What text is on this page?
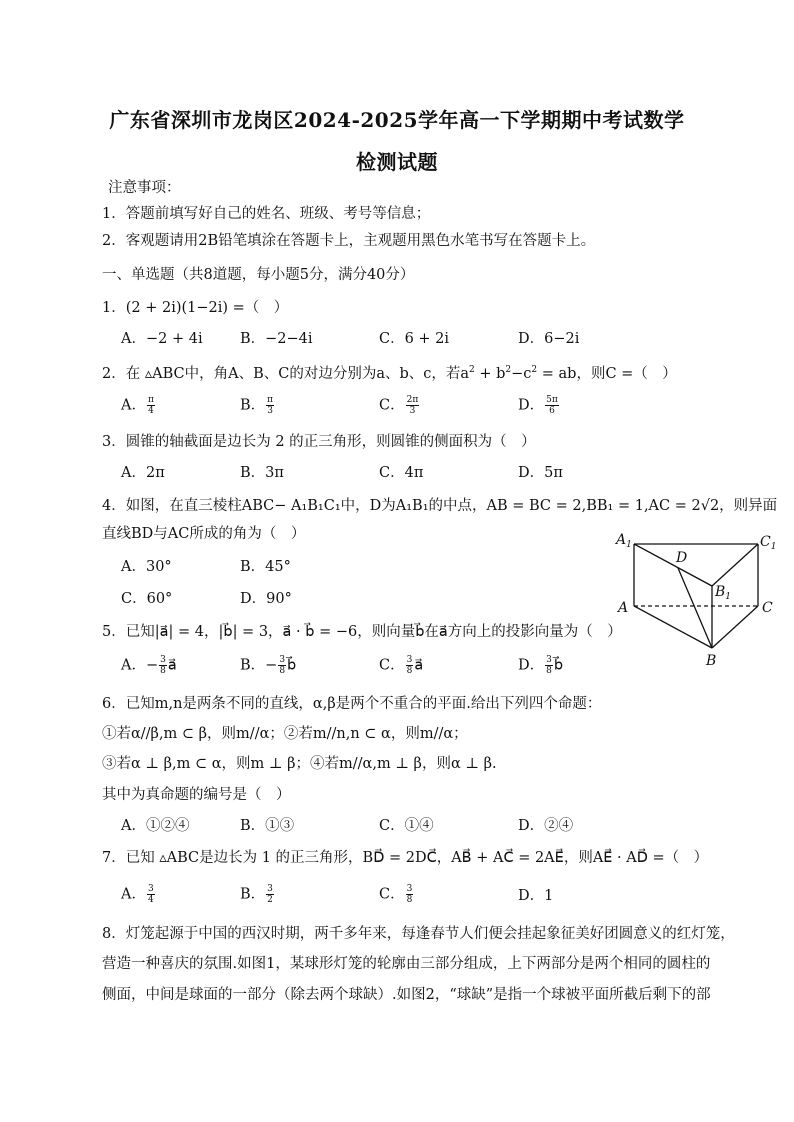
广东省深圳市龙岗区2024-2025学年高一下学期期中考试数学
检测试题
注意事项：
1．答题前填写好自己的姓名、班级、考号等信息；
2．客观题请用2B铅笔填涂在答题卡上，主观题用黑色水笔书写在答题卡上。
一、单选题（共8道题，每小题5分，满分40分）
1．(2 + 2i)(1−2i) =（　）
A．−2 + 4i	B．−2−4i	C．6 + 2i	D．6−2i
2．在 ▵ABC中，角A、B、C的对边分别为a、b、c，若$a^2 + b^2-c^2$ = ab，则C =（　）
A． $\frac{\pi}{4}$	B． $\frac{\pi}{3}$	C． $\frac{2\pi}{3}$	D． $\frac{5\pi}{6}$
3．圆锥的轴截面是边长为 2 的正三角形，则圆锥的侧面积为（　）
A．2π	B．3π	C．4π	D．5π
4．如图，在直三棱柱ABC− A₁B₁C₁中，D为A₁B₁的中点，AB = BC = 2,BB₁ = 1,AC = 2√2，则异面
直线BD与AC所成的角为（　）
A．30°	B．45°
C．60°	D．90°
$A_1$	$C_1$
D
$B_1$
A	C
B
5．已知|a⃗| = 4，|b⃗| = 3，a⃗ · b⃗ = −6，则向量b⃗在a⃗方向上的投影向量为（　）
A．− $\frac{3}{8}$ a⃗	B．− $\frac{3}{8}$ b⃗	C． $\frac{3}{8}$ a⃗	D． $\frac{3}{8}$ b⃗
6．已知m,n是两条不同的直线，α,β是两个不重合的平面.给出下列四个命题：
①若α//β,m ⊂ β，则m//α；②若m//n,n ⊂ α，则m//α；
③若α ⊥ β,m ⊂ α，则m ⊥ β；④若m//α,m ⊥ β，则α ⊥ β.
其中为真命题的编号是（　）
A．①②④	B．①③	C．①④	D．②④
7．已知 ▵ABC是边长为 1 的正三角形，BD⃗ = 2DC⃗，AB⃗ + AC⃗ = 2AE⃗，则AE⃗ · AD⃗ =（　）
A． $\frac{3}{4}$	B． $\frac{3}{2}$	C． $\frac{3}{8}$	D．1
8．灯笼起源于中国的西汉时期，两千多年来，每逢春节人们便会挂起象征美好团圆意义的红灯笼，
营造一种喜庆的氛围.如图1，某球形灯笼的轮廓由三部分组成，上下两部分是两个相同的圆柱的
侧面，中间是球面的一部分（除去两个球缺）.如图2，“球缺”是指一个球被平面所截后剩下的部
